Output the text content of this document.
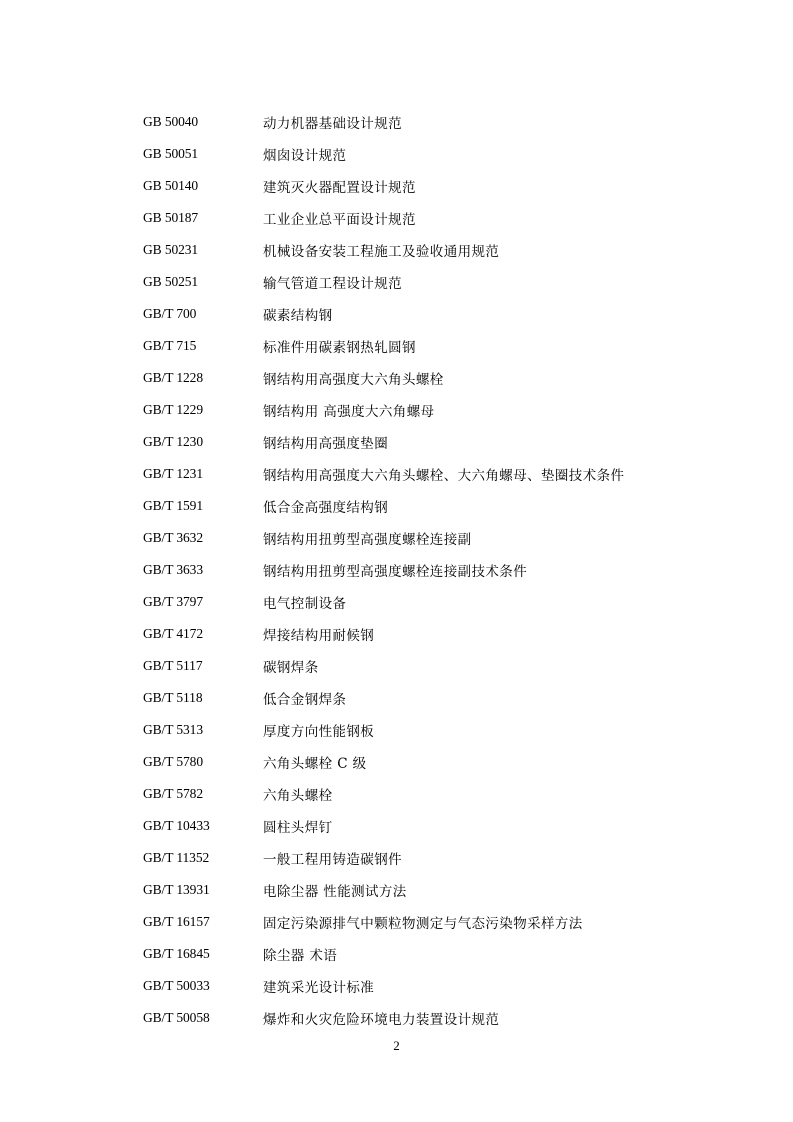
GB 50040	动力机器基础设计规范
GB 50051	烟囱设计规范
GB 50140	建筑灭火器配置设计规范
GB 50187	工业企业总平面设计规范
GB 50231	机械设备安装工程施工及验收通用规范
GB 50251	输气管道工程设计规范
GB/T 700	碳素结构钢
GB/T 715	标准件用碳素钢热轧圆钢
GB/T 1228	钢结构用高强度大六角头螺栓
GB/T 1229	钢结构用 高强度大六角螺母
GB/T 1230	钢结构用高强度垫圈
GB/T 1231	钢结构用高强度大六角头螺栓、大六角螺母、垫圈技术条件
GB/T 1591	低合金高强度结构钢
GB/T 3632	钢结构用扭剪型高强度螺栓连接副
GB/T 3633	钢结构用扭剪型高强度螺栓连接副技术条件
GB/T 3797	电气控制设备
GB/T 4172	焊接结构用耐候钢
GB/T 5117	碳钢焊条
GB/T 5118	低合金钢焊条
GB/T 5313	厚度方向性能钢板
GB/T 5780	六角头螺栓 C 级
GB/T 5782	六角头螺栓
GB/T 10433	圆柱头焊钉
GB/T 11352	一般工程用铸造碳钢件
GB/T 13931	电除尘器 性能测试方法
GB/T 16157	固定污染源排气中颗粒物测定与气态污染物采样方法
GB/T 16845	除尘器 术语
GB/T 50033	建筑采光设计标准
GB/T 50058	爆炸和火灾危险环境电力装置设计规范
2
